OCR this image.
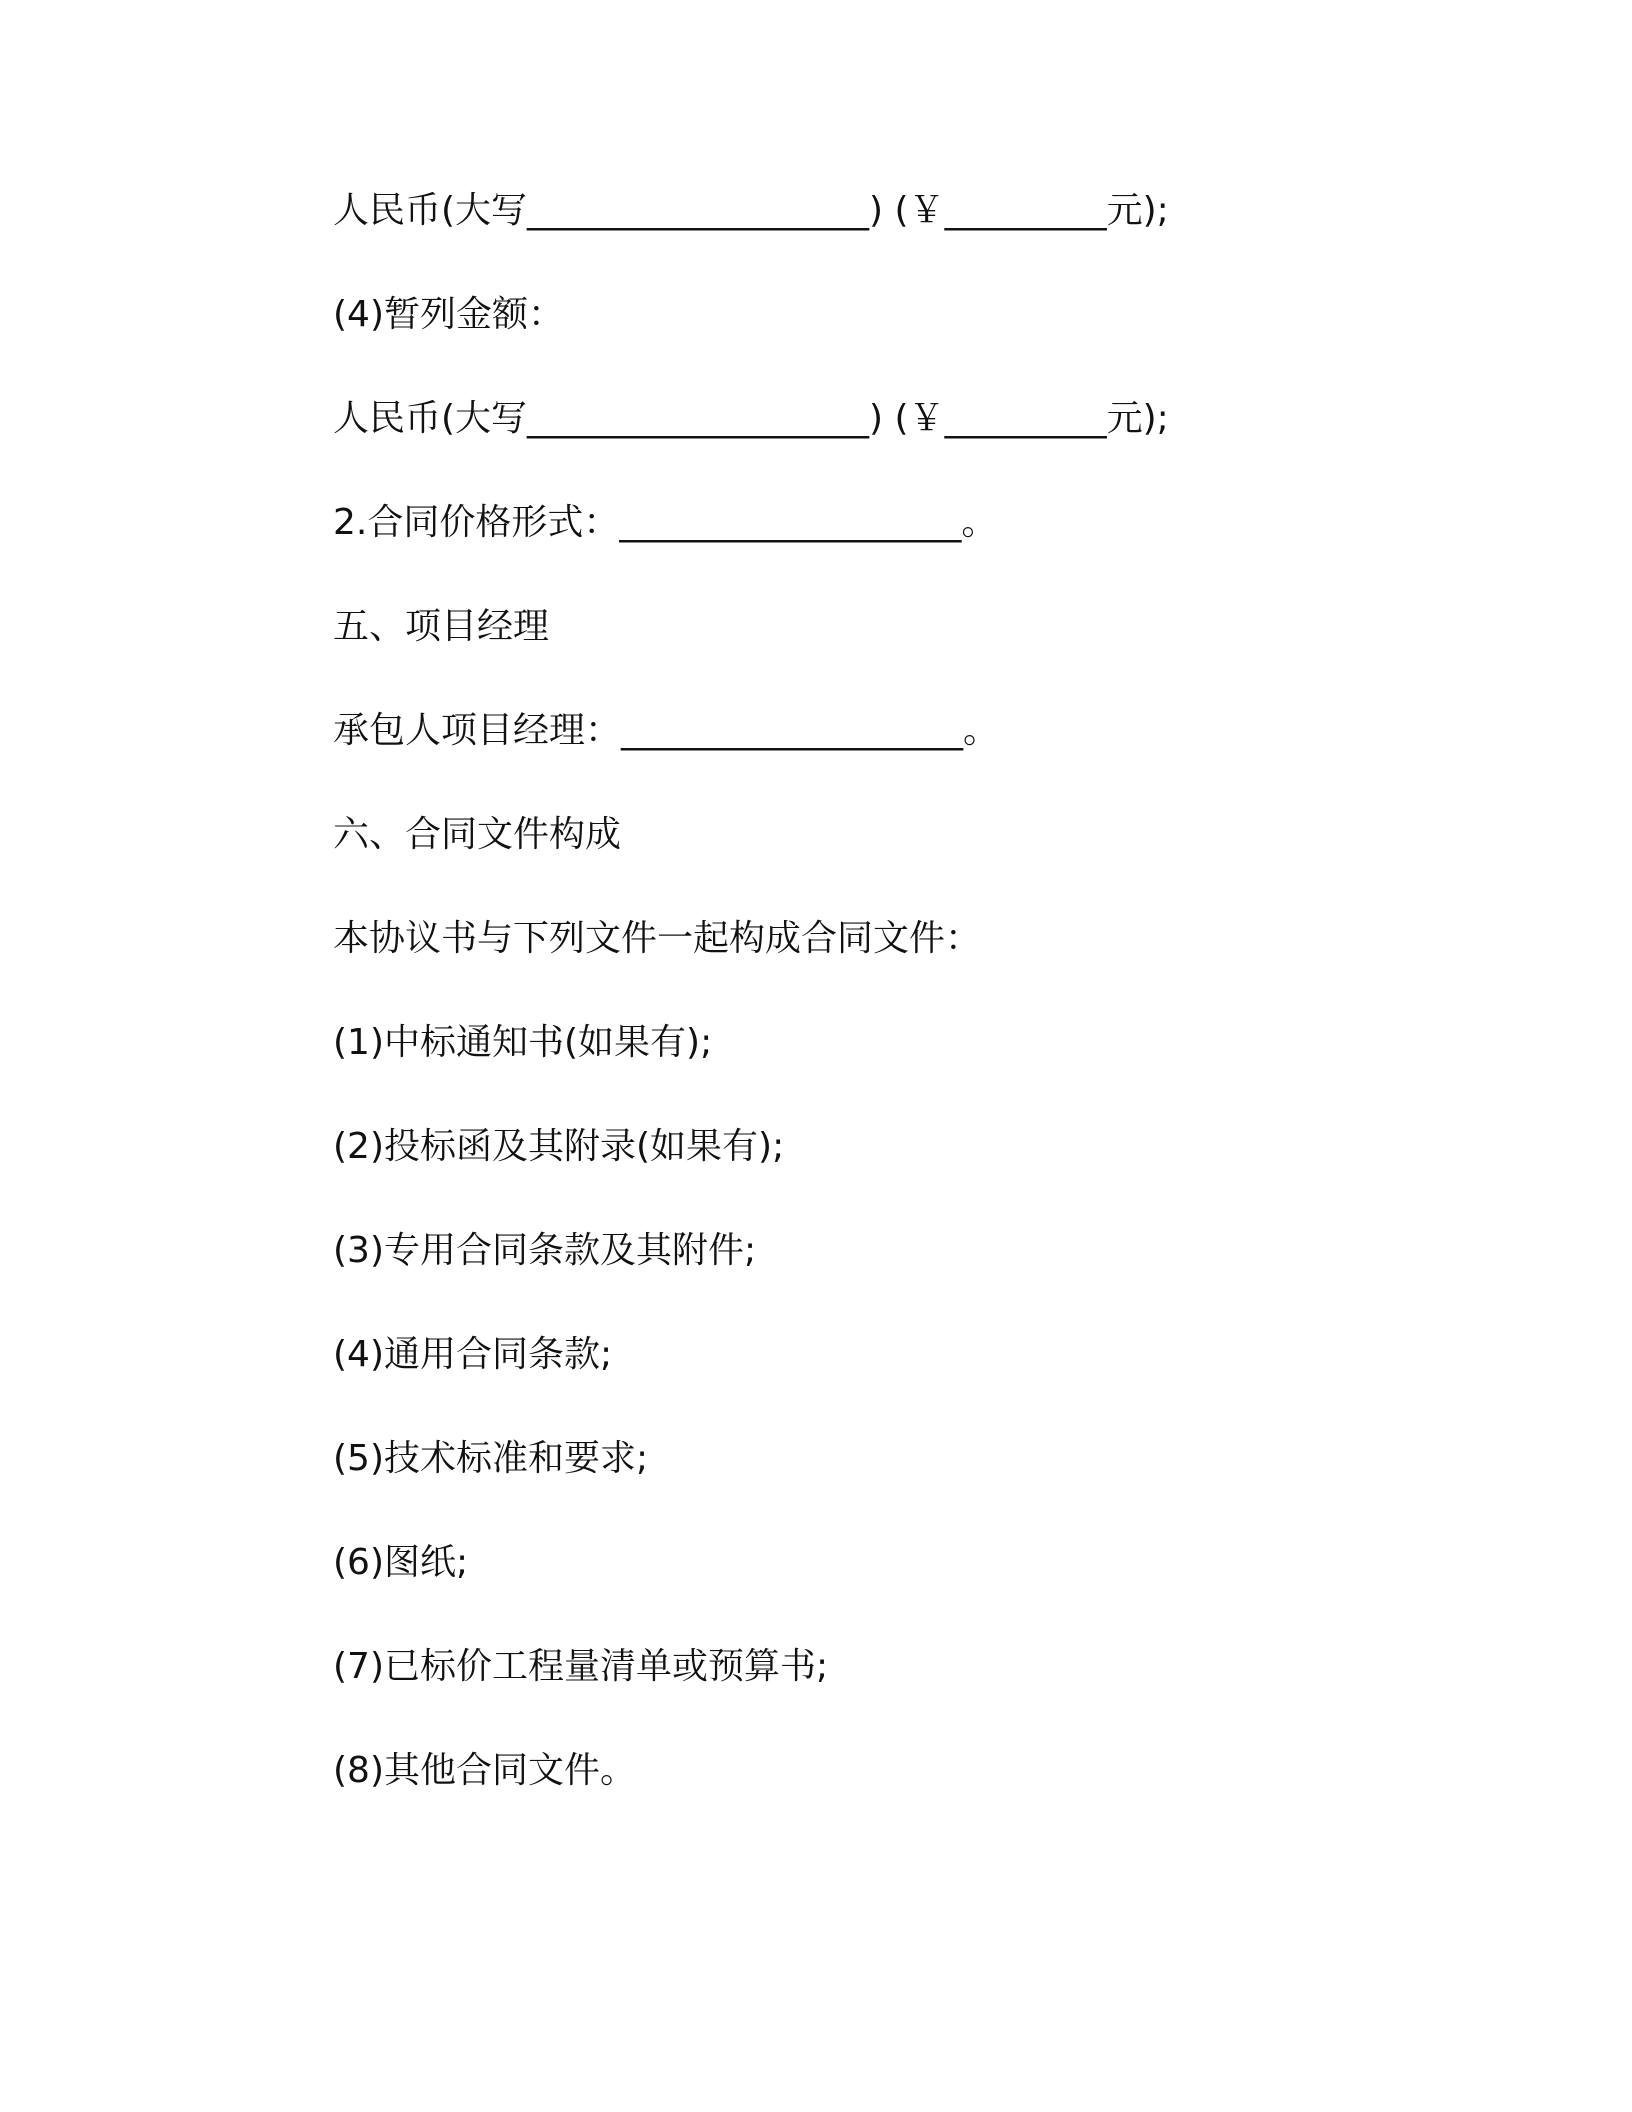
人民币(大写___________________) (￥_________元);

(4)暂列金额：

人民币(大写___________________) (￥_________元);

2.合同价格形式：___________________。

五、项目经理

承包人项目经理：___________________。

六、合同文件构成

本协议书与下列文件一起构成合同文件：

(1)中标通知书(如果有);

(2)投标函及其附录(如果有);

(3)专用合同条款及其附件;

(4)通用合同条款;

(5)技术标准和要求;

(6)图纸;

(7)已标价工程量清单或预算书;

(8)其他合同文件。
